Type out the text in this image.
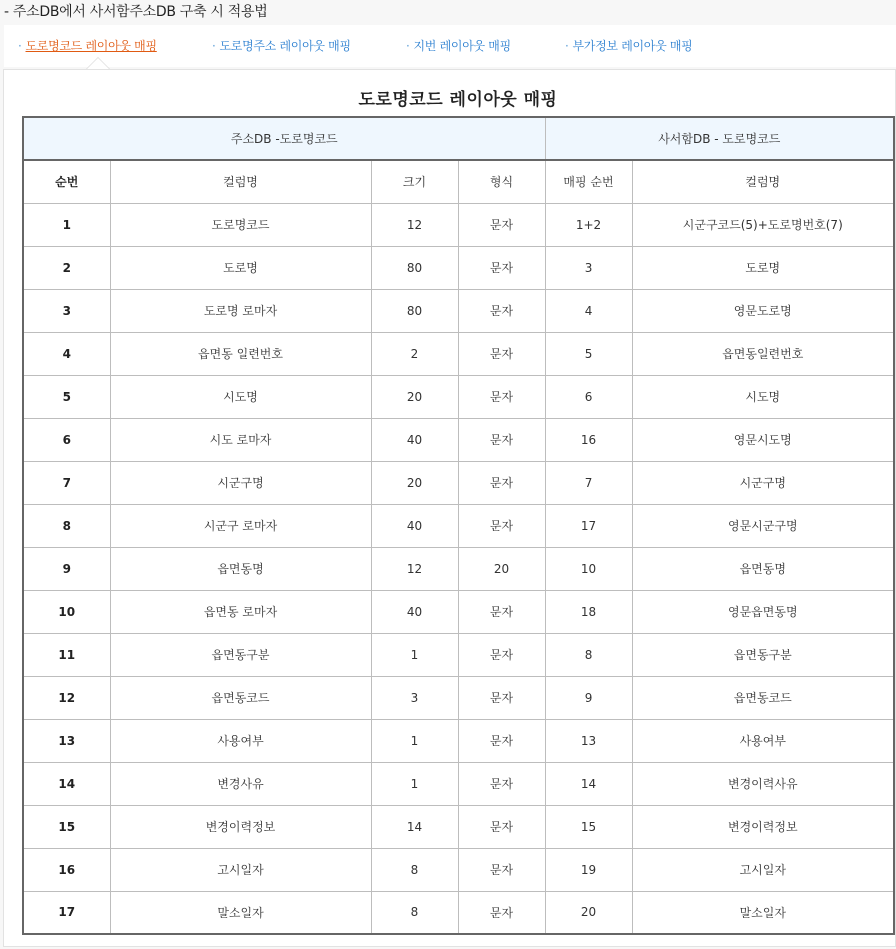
- 주소DB에서 사서함주소DB 구축 시 적용법
· 도로명코드 레이아웃 매핑	· 도로명주소 레이아웃 매핑	· 지번 레이아웃 매핑	· 부가정보 레이아웃 매핑
도로명코드 레이아웃 매핑
주소DB -도로명코드				사서함DB - 도로명코드	
순번	컬럼명	크기	형식	매핑 순번	컬럼명
1	도로명코드	12	문자	1+2	시군구코드(5)+도로명번호(7)
2	도로명	80	문자	3	도로명
3	도로명 로마자	80	문자	4	영문도로명
4	읍면동 일련번호	2	문자	5	읍면동일련번호
5	시도명	20	문자	6	시도명
6	시도 로마자	40	문자	16	영문시도명
7	시군구명	20	문자	7	시군구명
8	시군구 로마자	40	문자	17	영문시군구명
9	읍면동명	12	20	10	읍면동명
10	읍면동 로마자	40	문자	18	영문읍면동명
11	읍면동구분	1	문자	8	읍면동구분
12	읍면동코드	3	문자	9	읍면동코드
13	사용여부	1	문자	13	사용여부
14	변경사유	1	문자	14	변경이력사유
15	변경이력정보	14	문자	15	변경이력정보
16	고시일자	8	문자	19	고시일자
17	말소일자	8	문자	20	말소일자
